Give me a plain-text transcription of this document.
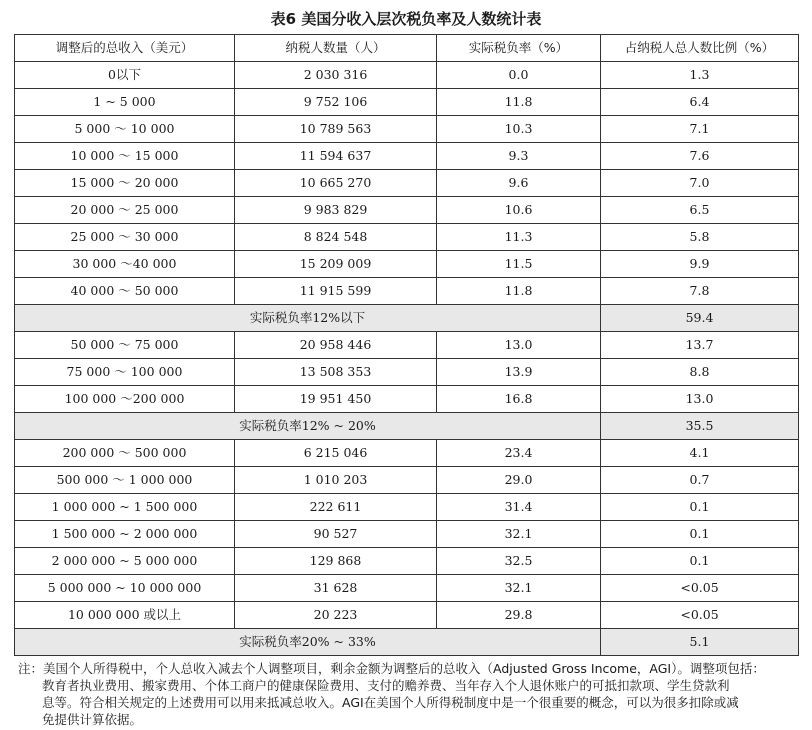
表6 美国分收入层次税负率及人数统计表
调整后的总收入（美元）	纳税人数量（人）	实际税负率（%）	占纳税人总人数比例（%）
0以下	2 030 316	0.0	1.3
1 ~ 5 000	9 752 106	11.8	6.4
5 000 ～ 10 000	10 789 563	10.3	7.1
10 000 ～ 15 000	11 594 637	9.3	7.6
15 000 ～ 20 000	10 665 270	9.6	7.0
20 000 ～ 25 000	9 983 829	10.6	6.5
25 000 ～ 30 000	8 824 548	11.3	5.8
30 000 ～40 000	15 209 009	11.5	9.9
40 000 ～ 50 000	11 915 599	11.8	7.8
实际税负率12%以下			59.4
50 000 ～ 75 000	20 958 446	13.0	13.7
75 000 ～ 100 000	13 508 353	13.9	8.8
100 000 ～200 000	19 951 450	16.8	13.0
实际税负率12% ~ 20%			35.5
200 000 ～ 500 000	6 215 046	23.4	4.1
500 000 ～ 1 000 000	1 010 203	29.0	0.7
1 000 000 ~ 1 500 000	222 611	31.4	0.1
1 500 000 ~ 2 000 000	90 527	32.1	0.1
2 000 000 ~ 5 000 000	129 868	32.5	0.1
5 000 000 ~ 10 000 000	31 628	32.1	<0.05
10 000 000 或以上	20 223	29.8	<0.05
实际税负率20% ~ 33%			5.1
注：美国个人所得税中，个人总收入减去个人调整项目，剩余金额为调整后的总收入（Adjusted Gross Income，AGI）。调整项包括：
教育者执业费用、搬家费用、个体工商户的健康保险费用、支付的赡养费、当年存入个人退休账户的可抵扣款项、学生贷款利
息等。符合相关规定的上述费用可以用来抵减总收入。AGI在美国个人所得税制度中是一个很重要的概念，可以为很多扣除或减
免提供计算依据。
